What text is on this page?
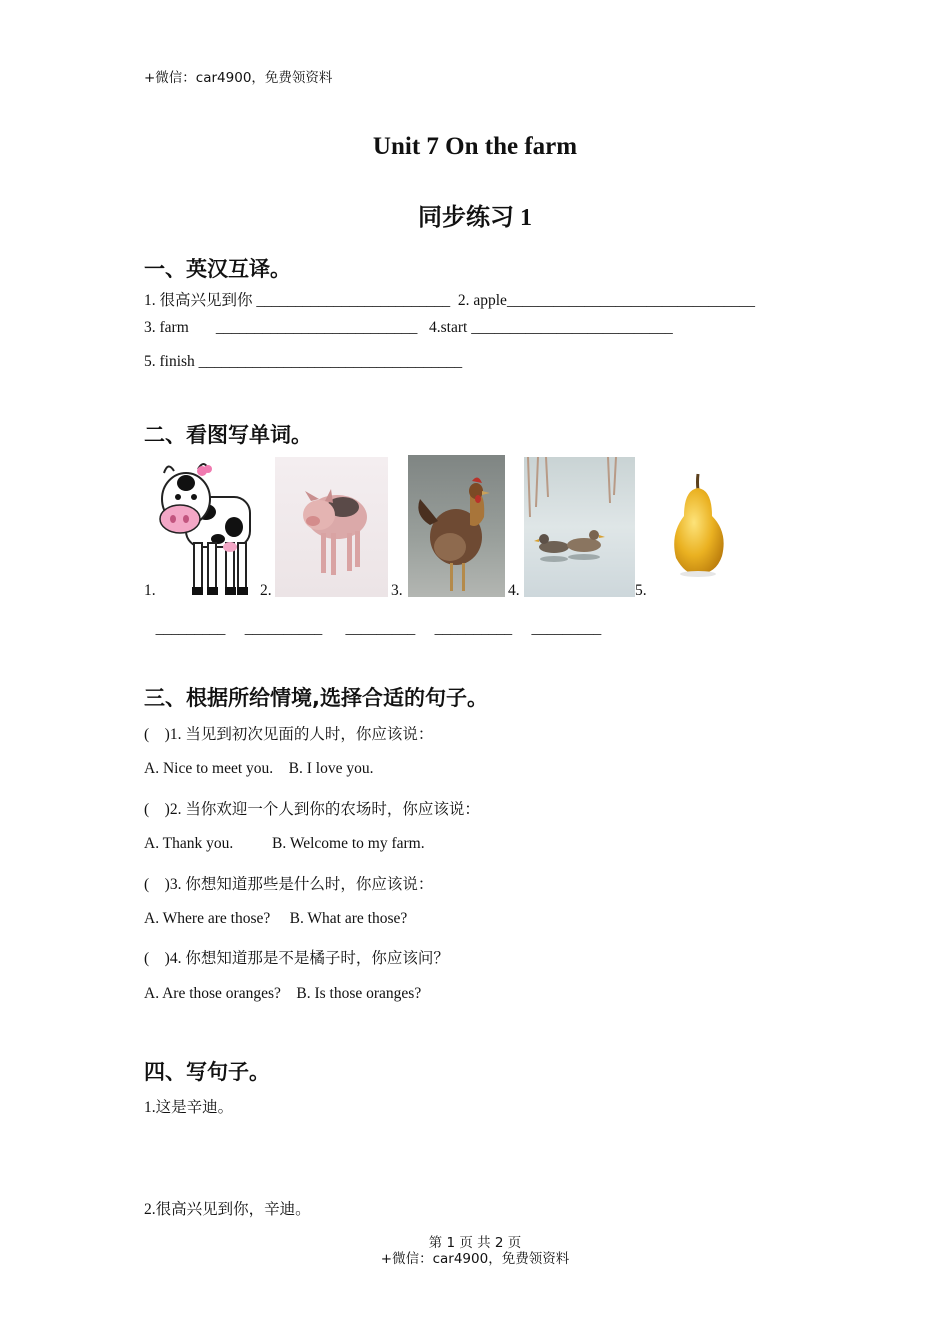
+微信：car4900，免费领资料
Unit 7 On the farm
同步练习 1
一、英汉互译。
1. 很高兴见到你 _________________________  2. apple________________________________
3. farm       __________________________   4.start __________________________
5. finish __________________________________
二、看图写单词。
1.	2.	3.	4.	5.
_________     __________      _________     __________     _________
三、根据所给情境,选择合适的句子。
(    )1. 当见到初次见面的人时，你应该说：
A. Nice to meet you.    B. I love you.
(    )2. 当你欢迎一个人到你的农场时，你应该说：
A. Thank you.          B. Welcome to my farm.
(    )3. 你想知道那些是什么时，你应该说：
A. Where are those?     B. What are those?
(    )4. 你想知道那是不是橘子时，你应该问？
A. Are those oranges?    B. Is those oranges?
四、写句子。
1.这是辛迪。
2.很高兴见到你，辛迪。
第 1 页 共 2 页
+微信：car4900，免费领资料
